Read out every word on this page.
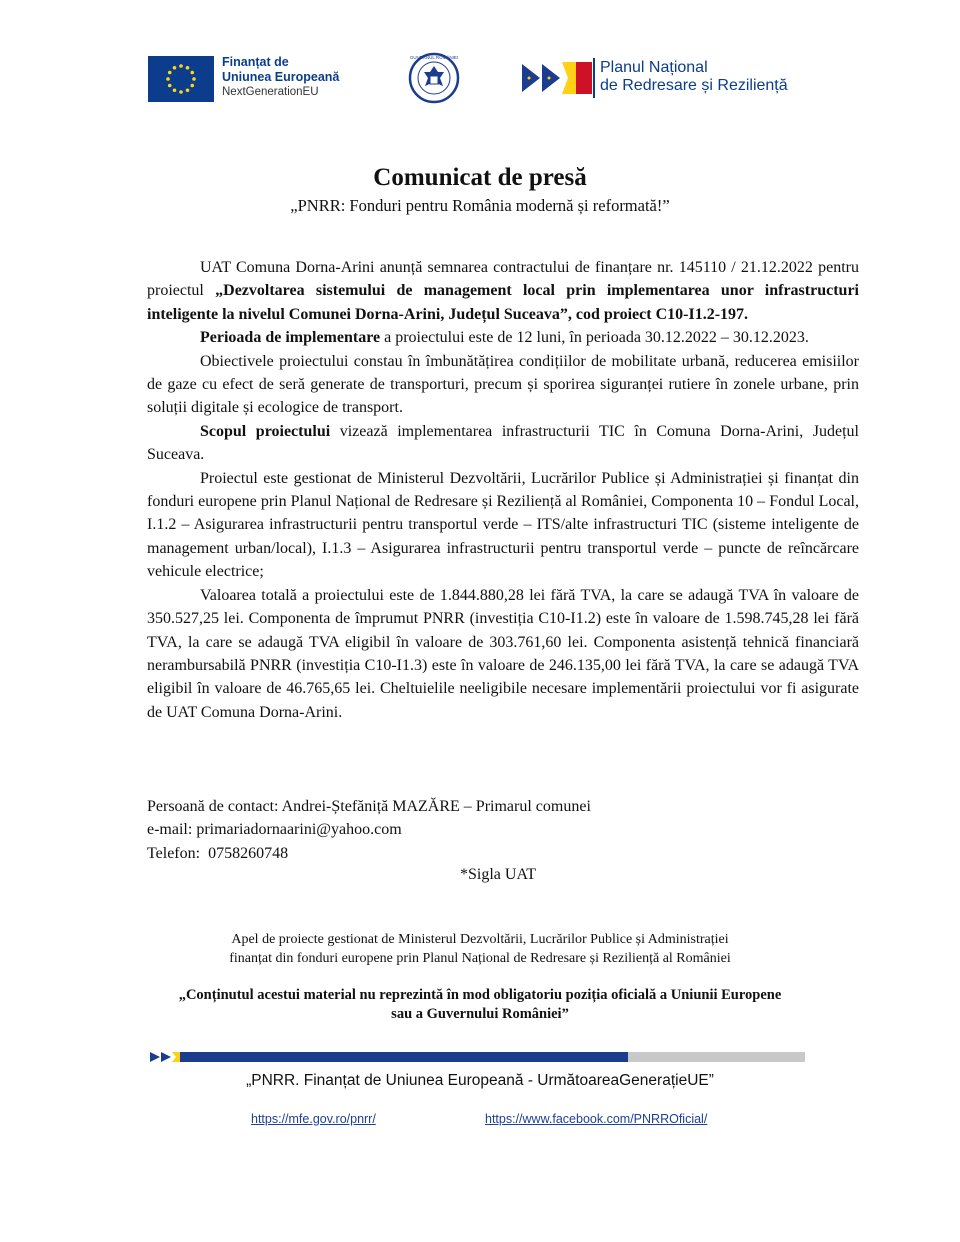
Finanțat de
Uniunea Europeană
NextGenerationEU
GUVERNUL ROMÂNIEI
Planul Național
de Redresare și Reziliență
Comunicat de presă
„PNRR: Fonduri pentru România modernă și reformată!”

UAT Comuna Dorna-Arini anunță semnarea contractului de finanțare nr. 145110 / 21.12.2022 pentru proiectul „Dezvoltarea sistemului de management local prin implementarea unor infrastructuri inteligente la nivelul Comunei Dorna-Arini, Județul Suceava”, cod proiect C10-I1.2-197.

Perioada de implementare a proiectului este de 12 luni, în perioada 30.12.2022 – 30.12.2023.

Obiectivele proiectului constau în îmbunătățirea condițiilor de mobilitate urbană, reducerea emisiilor de gaze cu efect de seră generate de transporturi, precum și sporirea siguranței rutiere în zonele urbane, prin soluții digitale și ecologice de transport.

Scopul proiectului vizează implementarea infrastructurii TIC în Comuna Dorna-Arini, Județul Suceava.

Proiectul este gestionat de Ministerul Dezvoltării, Lucrărilor Publice și Administrației și finanțat din fonduri europene prin Planul Național de Redresare și Reziliență al României, Componenta 10 – Fondul Local, I.1.2 – Asigurarea infrastructurii pentru transportul verde – ITS/alte infrastructuri TIC (sisteme inteligente de management urban/local), I.1.3 – Asigurarea infrastructurii pentru transportul verde – puncte de reîncărcare vehicule electrice;

Valoarea totală a proiectului este de 1.844.880,28 lei fără TVA, la care se adaugă TVA în valoare de 350.527,25 lei. Componenta de împrumut PNRR (investiția C10-I1.2) este în valoare de 1.598.745,28 lei fără TVA, la care se adaugă TVA eligibil în valoare de 303.761,60 lei. Componenta asistență tehnică financiară nerambursabilă PNRR (investiția C10-I1.3) este în valoare de 246.135,00 lei fără TVA, la care se adaugă TVA eligibil în valoare de 46.765,65 lei. Cheltuielile neeligibile necesare implementării proiectului vor fi asigurate de UAT Comuna Dorna-Arini.

Persoană de contact: Andrei-Ștefăniță MAZĂRE – Primarul comunei
e-mail: primariadornaarini@yahoo.com
Telefon:  0758260748
*Sigla UAT
Apel de proiecte gestionat de Ministerul Dezvoltării, Lucrărilor Publice și Administrației
finanțat din fonduri europene prin Planul Național de Redresare și Reziliență al României
„Conținutul acestui material nu reprezintă în mod obligatoriu poziția oficială a Uniunii Europene sau a Guvernului României”
„PNRR. Finanțat de Uniunea Europeană - UrmătoareaGenerațieUE”
https://mfe.gov.ro/pnrr/	https://www.facebook.com/PNRROficial/
